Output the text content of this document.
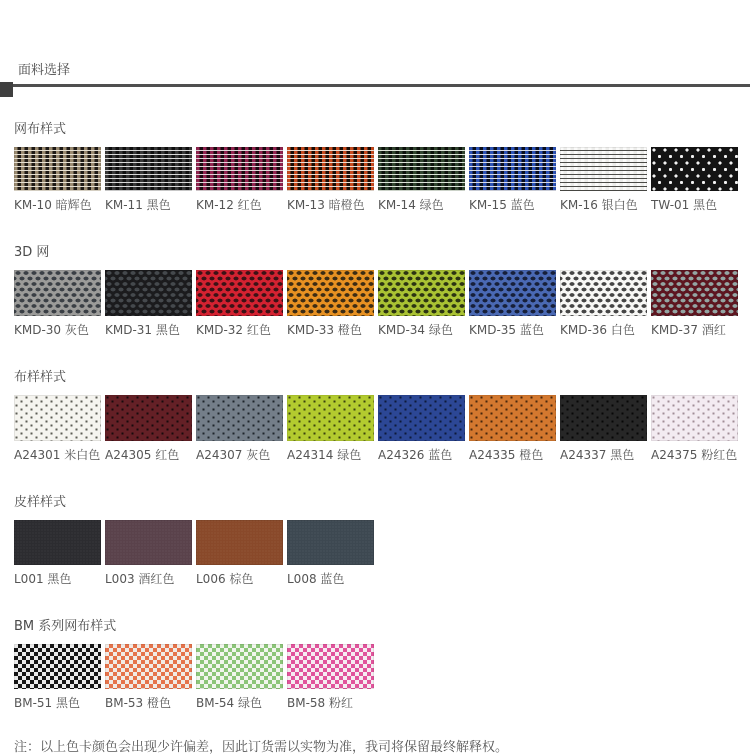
面料选择
网布样式
KM-10 暗辉色	KM-11 黑色	KM-12 红色	KM-13 暗橙色	KM-14 绿色	KM-15 蓝色	KM-16 银白色	TW-01 黑色
3D 网
KMD-30 灰色	KMD-31 黑色	KMD-32 红色	KMD-33 橙色	KMD-34 绿色	KMD-35 蓝色	KMD-36 白色	KMD-37 酒红
布样样式
A24301 米白色 A24305 红色	A24307 灰色	A24314 绿色	A24326 蓝色	A24335 橙色	A24337 黑色	A24375 粉红色
皮样样式
L001 黑色	L003 酒红色	L006 棕色	L008 蓝色
BM 系列网布样式
BM-51 黑色	BM-53 橙色	BM-54 绿色	BM-58 粉红

注：以上色卡颜色会出现少许偏差，因此订货需以实物为准，我司将保留最终解释权。
